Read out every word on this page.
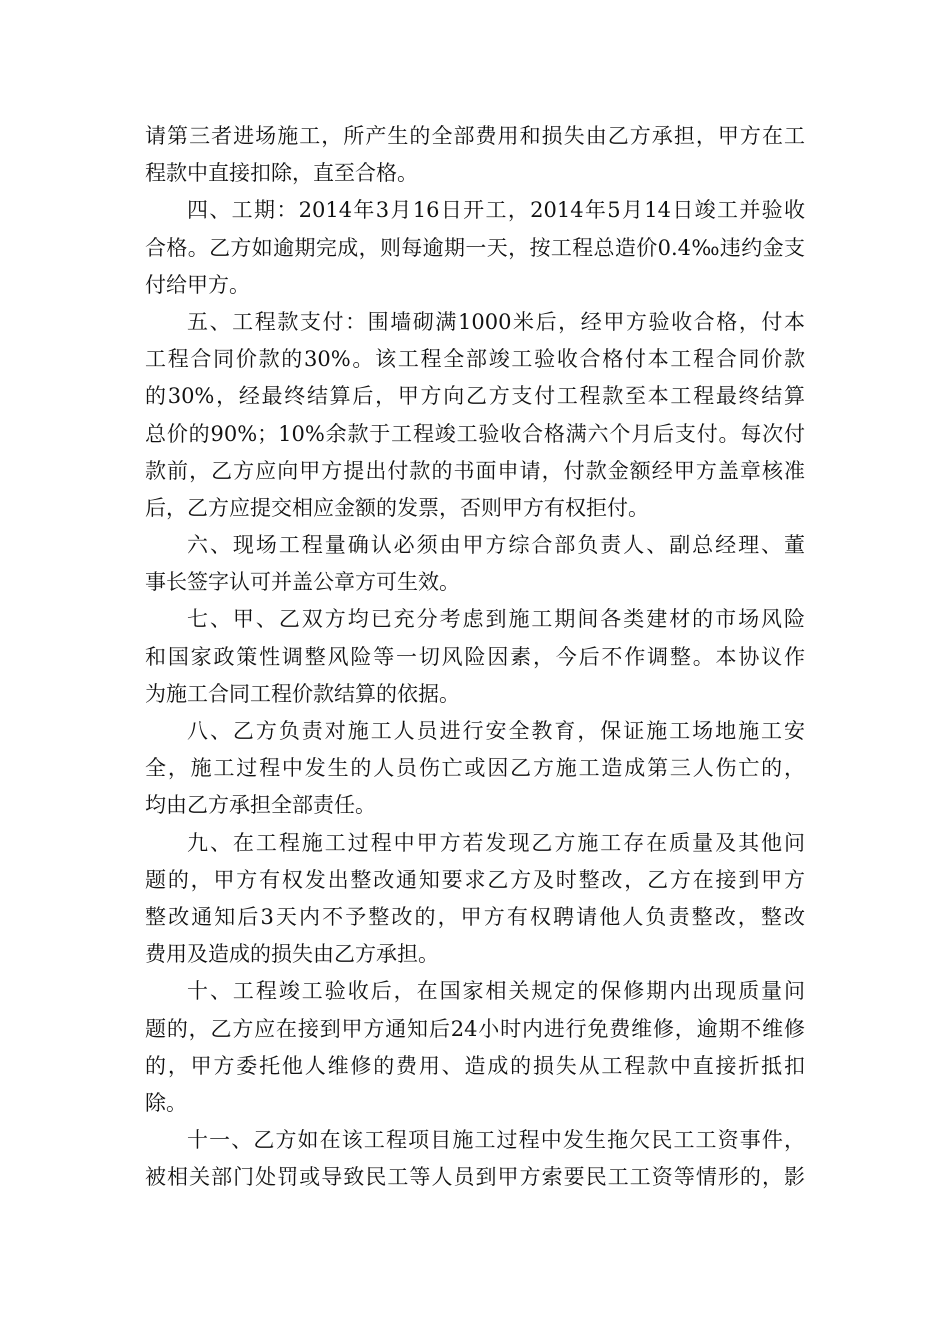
请第三者进场施工，所产生的全部费用和损失由乙方承担，甲方在工
程款中直接扣除，直至合格。
四、工期：2014年3月16日开工，2014年5月14日竣工并验收
合格。乙方如逾期完成，则每逾期一天，按工程总造价0.4‰违约金支
付给甲方。
五、工程款支付：围墙砌满1000米后，经甲方验收合格，付本
工程合同价款的30%。该工程全部竣工验收合格付本工程合同价款
的30%，经最终结算后，甲方向乙方支付工程款至本工程最终结算
总价的90%；10%余款于工程竣工验收合格满六个月后支付。每次付
款前，乙方应向甲方提出付款的书面申请，付款金额经甲方盖章核准
后，乙方应提交相应金额的发票，否则甲方有权拒付。
六、现场工程量确认必须由甲方综合部负责人、副总经理、董
事长签字认可并盖公章方可生效。
七、甲、乙双方均已充分考虑到施工期间各类建材的市场风险
和国家政策性调整风险等一切风险因素，今后不作调整。本协议作
为施工合同工程价款结算的依据。
八、乙方负责对施工人员进行安全教育，保证施工场地施工安
全，施工过程中发生的人员伤亡或因乙方施工造成第三人伤亡的，
均由乙方承担全部责任。
九、在工程施工过程中甲方若发现乙方施工存在质量及其他问
题的，甲方有权发出整改通知要求乙方及时整改，乙方在接到甲方
整改通知后3天内不予整改的，甲方有权聘请他人负责整改，整改
费用及造成的损失由乙方承担。
十、工程竣工验收后，在国家相关规定的保修期内出现质量问
题的，乙方应在接到甲方通知后24小时内进行免费维修，逾期不维修
的，甲方委托他人维修的费用、造成的损失从工程款中直接折抵扣
除。
十一、乙方如在该工程项目施工过程中发生拖欠民工工资事件，
被相关部门处罚或导致民工等人员到甲方索要民工工资等情形的，影
